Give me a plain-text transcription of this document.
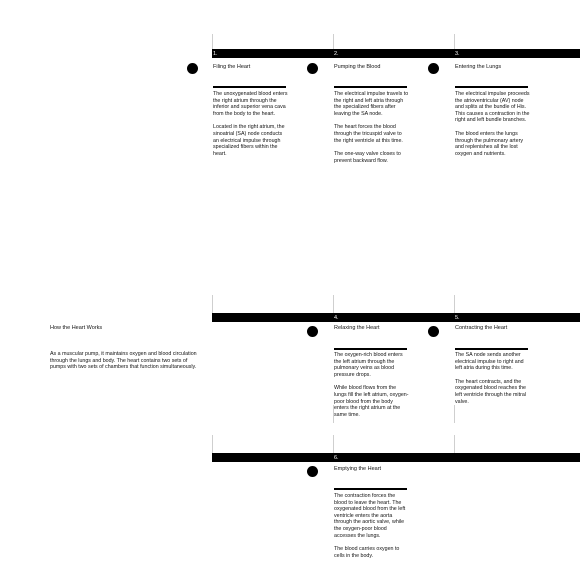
How the Heart Works
As a muscular pump, it maintains oxygen and blood circulation through the lungs and body. The heart contains two sets of pumps with two sets of chambers that function simultaneously.
1.
Filing the Heart

The unoxygenated blood enters the right atrium through the inferior and superior vena cava from the body to the heart.

Located in the right atrium, the sinoatrial (SA) node conducts an electrical impulse through specialized fibers within the heart.

2.
Pumping the Blood

The electrical impulse travels to the right and left atria through the specialized fibers after leaving the SA node.

The heart forces the blood through the tricuspid valve to the right ventricle at this time.

The one-way valve closes to prevent backward flow.

3.
Entering the Lungs

The electrical impulse proceeds the atrioventricular (AV) node and splits at the bundle of His. This causes a contraction in the right and left bundle branches.

The blood enters the lungs through the pulmonary artery and replenishes all the lost oxygen and nutrients.

4.
Relaxing the Heart

The oxygen-rich blood enters the left atrium through the pulmonary veins as blood pressure drops.

While blood flows from the lungs fill the left atrium, oxygen-poor blood from the body enters the right atrium at the same time.

5.
Contracting the Heart

The SA node sends another electrical impulse to right and left atria during this time.

The heart contracts, and the oxygenated blood reaches the left ventricle through the mitral valve.

6.
Emptying the Heart

The contraction forces the blood to leave the heart. The oxygenated blood from the left ventricle enters the aorta through the aortic valve, while the oxygen-poor blood accesses the lungs.

The blood carries oxygen to cells in the body.
